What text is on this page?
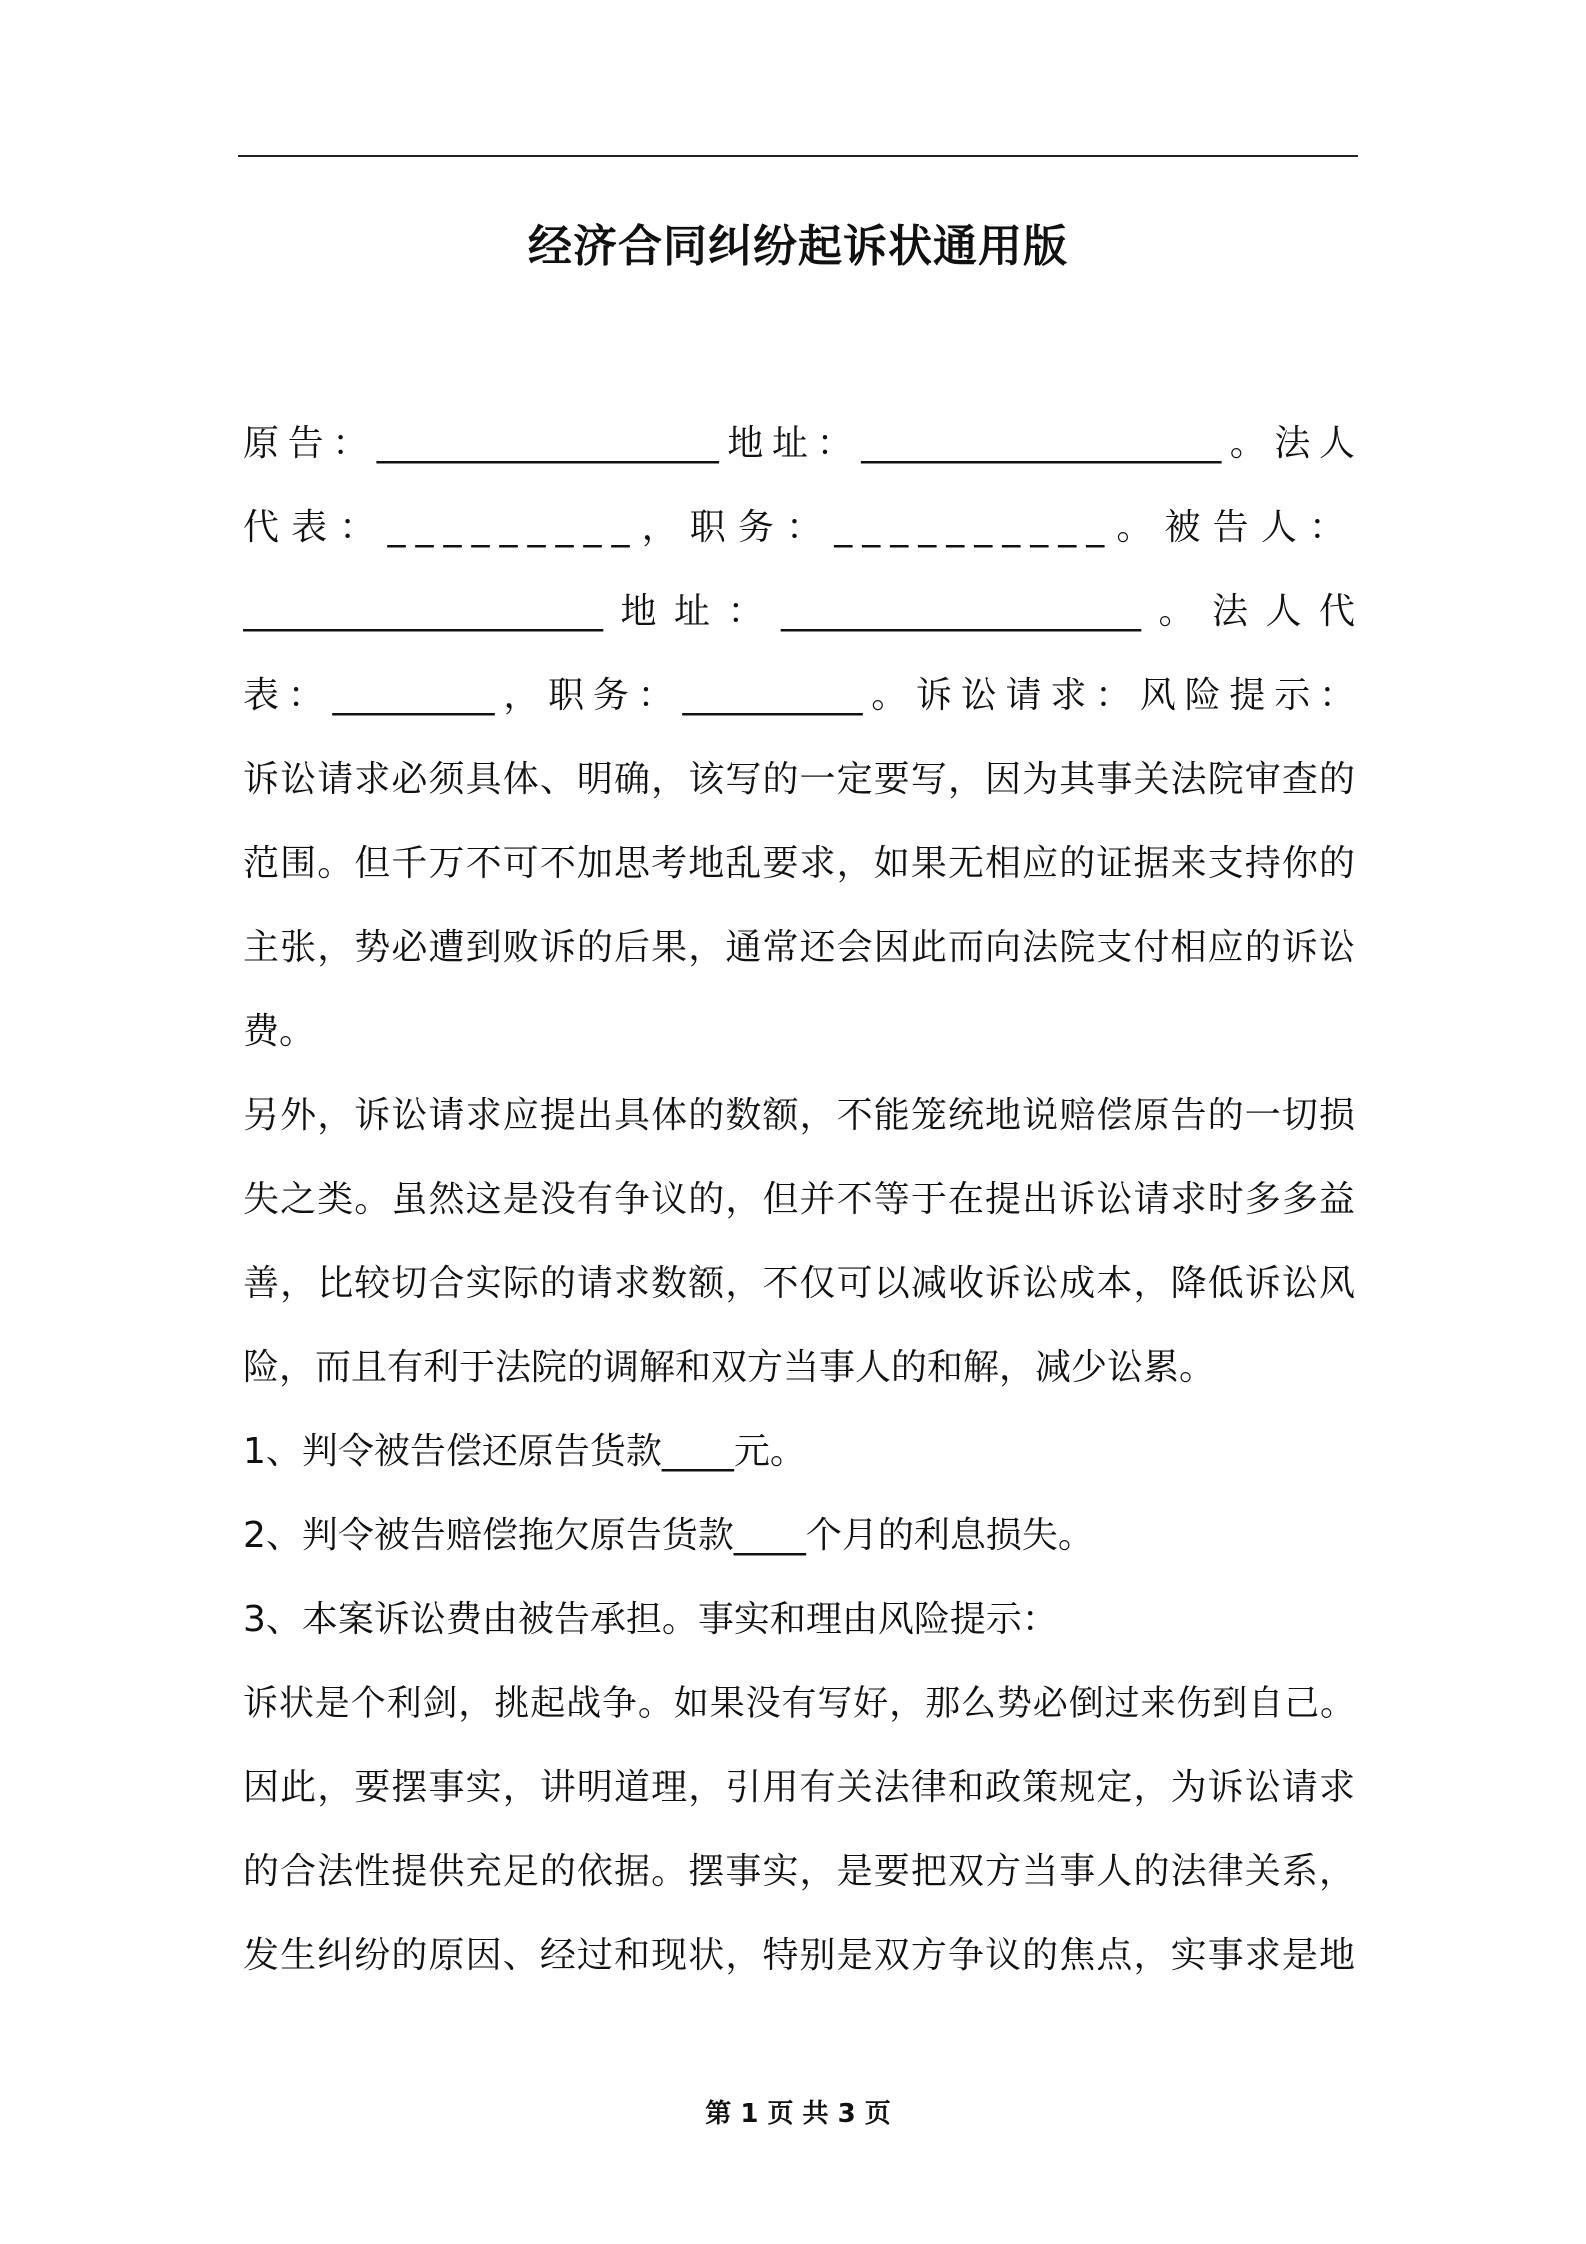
经济合同纠纷起诉状通用版
原告：___________________地址：____________________。法人
代表：_________，职务：__________。被告人：
____________________地址：____________________。法人代
表：_________，职务：__________。诉讼请求：风险提示：
诉讼请求必须具体、明确，该写的一定要写，因为其事关法院审查的
范围。但千万不可不加思考地乱要求，如果无相应的证据来支持你的
主张，势必遭到败诉的后果，通常还会因此而向法院支付相应的诉讼
费。
另外，诉讼请求应提出具体的数额，不能笼统地说赔偿原告的一切损
失之类。虽然这是没有争议的，但并不等于在提出诉讼请求时多多益
善，比较切合实际的请求数额，不仅可以减收诉讼成本，降低诉讼风
险，而且有利于法院的调解和双方当事人的和解，减少讼累。
1、判令被告偿还原告货款____元。
2、判令被告赔偿拖欠原告货款____个月的利息损失。
3、本案诉讼费由被告承担。事实和理由风险提示：
诉状是个利剑，挑起战争。如果没有写好，那么势必倒过来伤到自己。
因此，要摆事实，讲明道理，引用有关法律和政策规定，为诉讼请求
的合法性提供充足的依据。摆事实，是要把双方当事人的法律关系，
发生纠纷的原因、经过和现状，特别是双方争议的焦点，实事求是地
第 1 页 共 3 页
